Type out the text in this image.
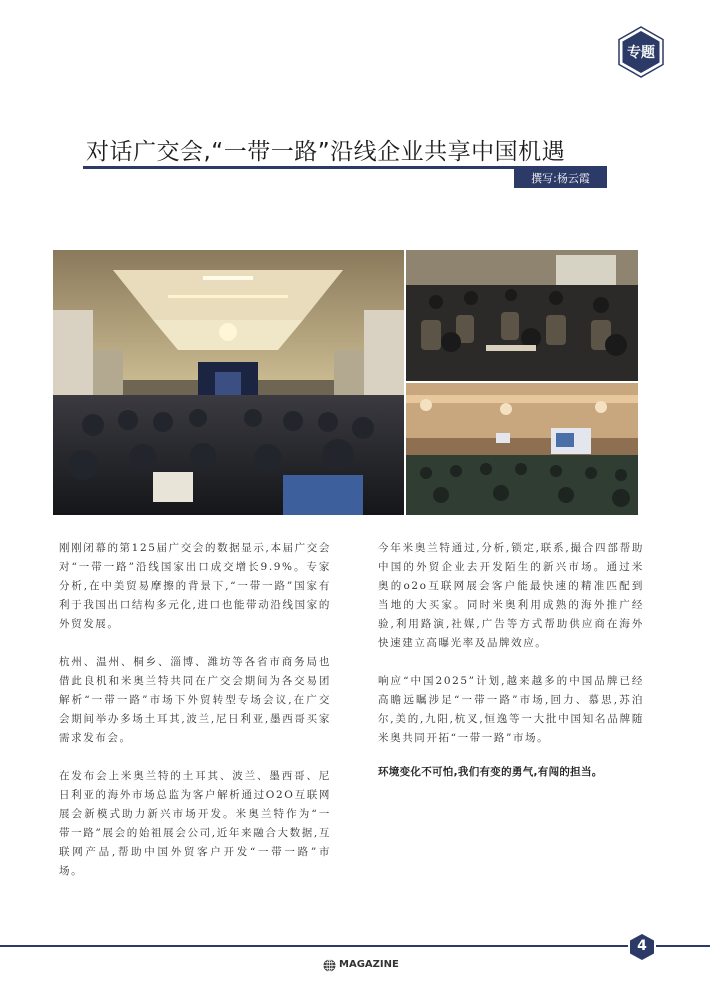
专题
对话广交会,“一带一路”沿线企业共享中国机遇
撰写:杨云霞

刚刚闭幕的第125届广交会的数据显示,本届广交会对“一带一路”沿线国家出口成交增长9.9%。专家分析,在中美贸易摩擦的背景下,“一带一路”国家有利于我国出口结构多元化,进口也能带动沿线国家的外贸发展。

杭州、温州、桐乡、淄博、潍坊等各省市商务局也借此良机和米奥兰特共同在广交会期间为各交易团解析“一带一路”市场下外贸转型专场会议,在广交会期间举办多场土耳其,波兰,尼日利亚,墨西哥买家需求发布会。

在发布会上米奥兰特的土耳其、波兰、墨西哥、尼日利亚的海外市场总监为客户解析通过O2O互联网展会新模式助力新兴市场开发。米奥兰特作为“一带一路”展会的始祖展会公司,近年来融合大数据,互联网产品,帮助中国外贸客户开发“一带一路”市场。

今年米奥兰特通过,分析,锁定,联系,撮合四部帮助中国的外贸企业去开发陌生的新兴市场。通过米奥的o2o互联网展会客户能最快速的精准匹配到当地的大买家。同时米奥利用成熟的海外推广经验,利用路演,社媒,广告等方式帮助供应商在海外快速建立高曝光率及品牌效应。

响应“中国2025”计划,越来越多的中国品牌已经高瞻远瞩涉足“一带一路”市场,回力、慕思,苏泊尔,美的,九阳,杭叉,恒逸等一大批中国知名品牌随米奥共同开拓“一带一路”市场。

环境变化不可怕,我们有变的勇气,有闯的担当。
4
MAGAZINE
